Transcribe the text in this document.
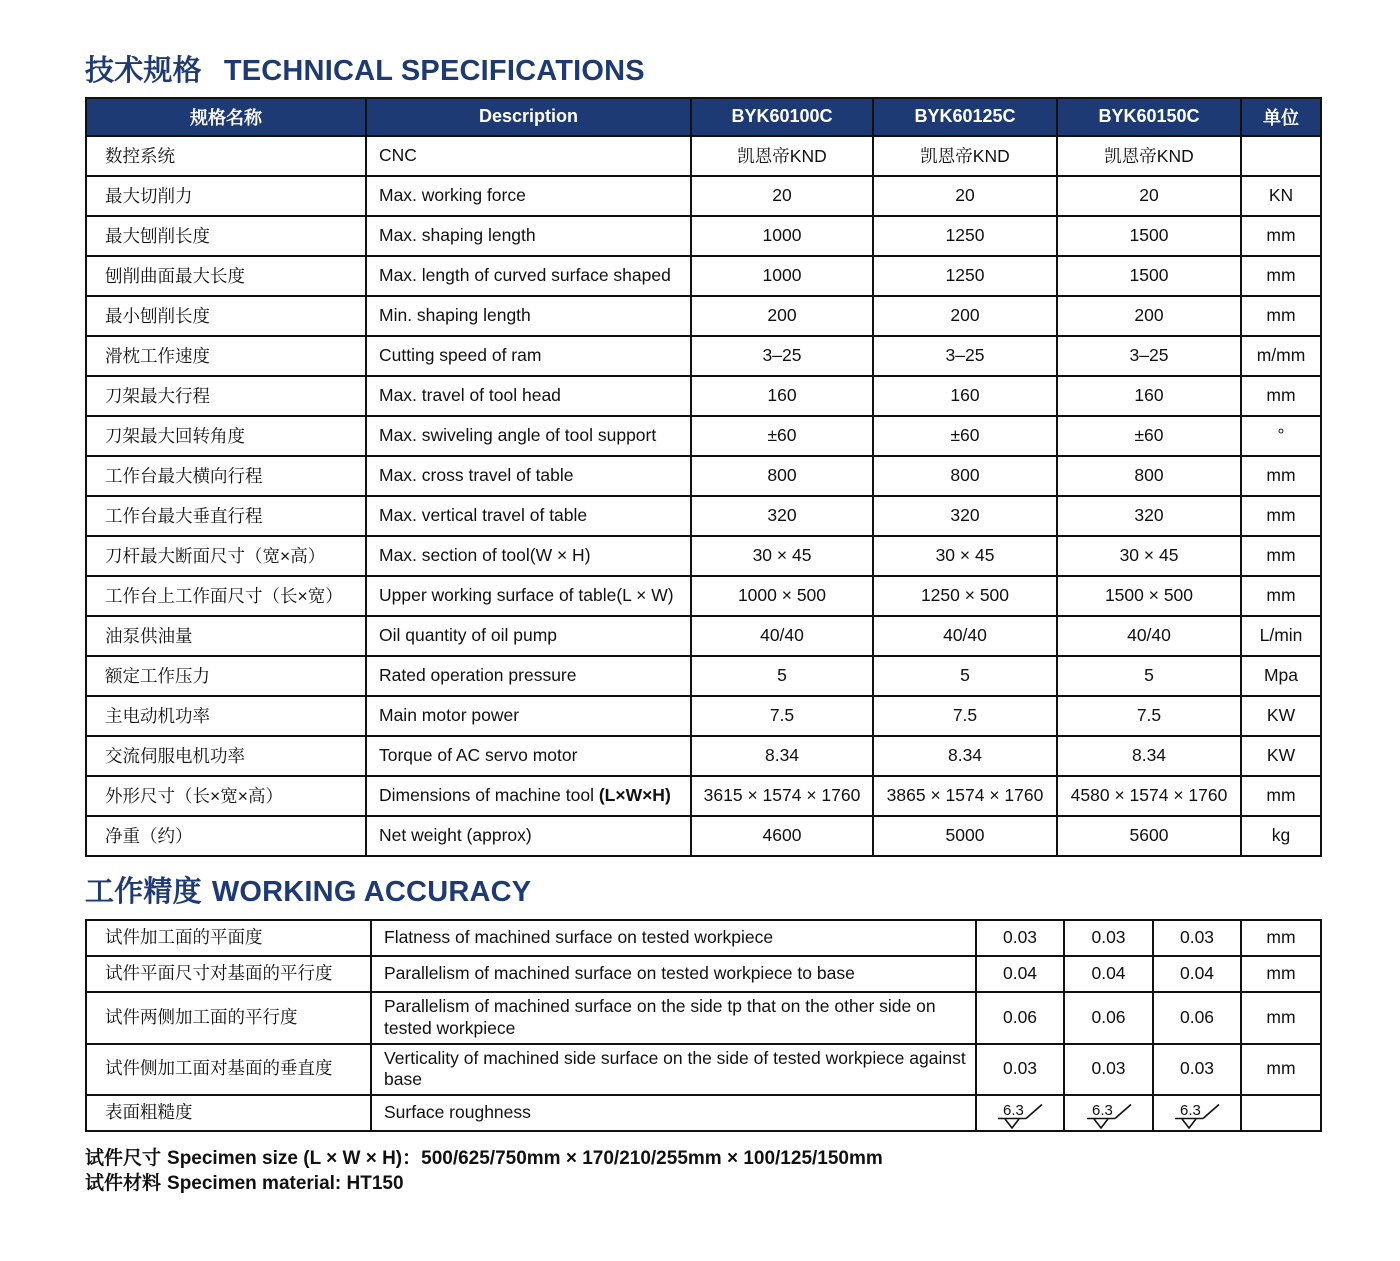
技术规格 TECHNICAL SPECIFICATIONS
规格名称	Description	BYK60100C	BYK60125C	BYK60150C	单位
数控系统	CNC	凯恩帝KND	凯恩帝KND	凯恩帝KND	
最大切削力	Max. working force	20	20	20	KN
最大刨削长度	Max. shaping length	1000	1250	1500	mm
刨削曲面最大长度	Max. length of curved surface shaped	1000	1250	1500	mm
最小刨削长度	Min. shaping length	200	200	200	mm
滑枕工作速度	Cutting speed of ram	3–25	3–25	3–25	m/mm
刀架最大行程	Max. travel of tool head	160	160	160	mm
刀架最大回转角度	Max. swiveling angle of tool support	±60	±60	±60	°
工作台最大横向行程	Max. cross travel of table	800	800	800	mm
工作台最大垂直行程	Max. vertical travel of table	320	320	320	mm
刀杆最大断面尺寸（宽×高）	Max. section of tool(W × H)	30 × 45	30 × 45	30 × 45	mm
工作台上工作面尺寸（长×宽）	Upper working surface of table(L × W)	1000 × 500	1250 × 500	1500 × 500	mm
油泵供油量	Oil quantity of oil pump	40/40	40/40	40/40	L/min
额定工作压力	Rated operation pressure	5	5	5	Mpa
主电动机功率	Main motor power	7.5	7.5	7.5	KW
交流伺服电机功率	Torque of AC servo motor	8.34	8.34	8.34	KW
外形尺寸（长×宽×高）	Dimensions of machine tool (L×W×H)	3615 × 1574 × 1760	3865 × 1574 × 1760	4580 × 1574 × 1760	mm
净重（约）	Net weight (approx)	4600	5000	5600	kg
工作精度 WORKING ACCURACY
试件加工面的平面度	Flatness of machined surface on tested workpiece	0.03	0.03	0.03	mm
试件平面尺寸对基面的平行度	Parallelism of machined surface on tested workpiece to base	0.04	0.04	0.04	mm
试件两侧加工面的平行度	Parallelism of machined surface on the side tp that on the other side on tested workpiece	0.06	0.06	0.06	mm
试件侧加工面对基面的垂直度	Verticality of machined side surface on the side of tested workpiece against base	0.03	0.03	0.03	mm
表面粗糙度	Surface roughness	6.3	6.3	6.3	

试件尺寸 Specimen size (L × W × H)：500/625/750mm × 170/210/255mm × 100/125/150mm
试件材料 Specimen material: HT150
